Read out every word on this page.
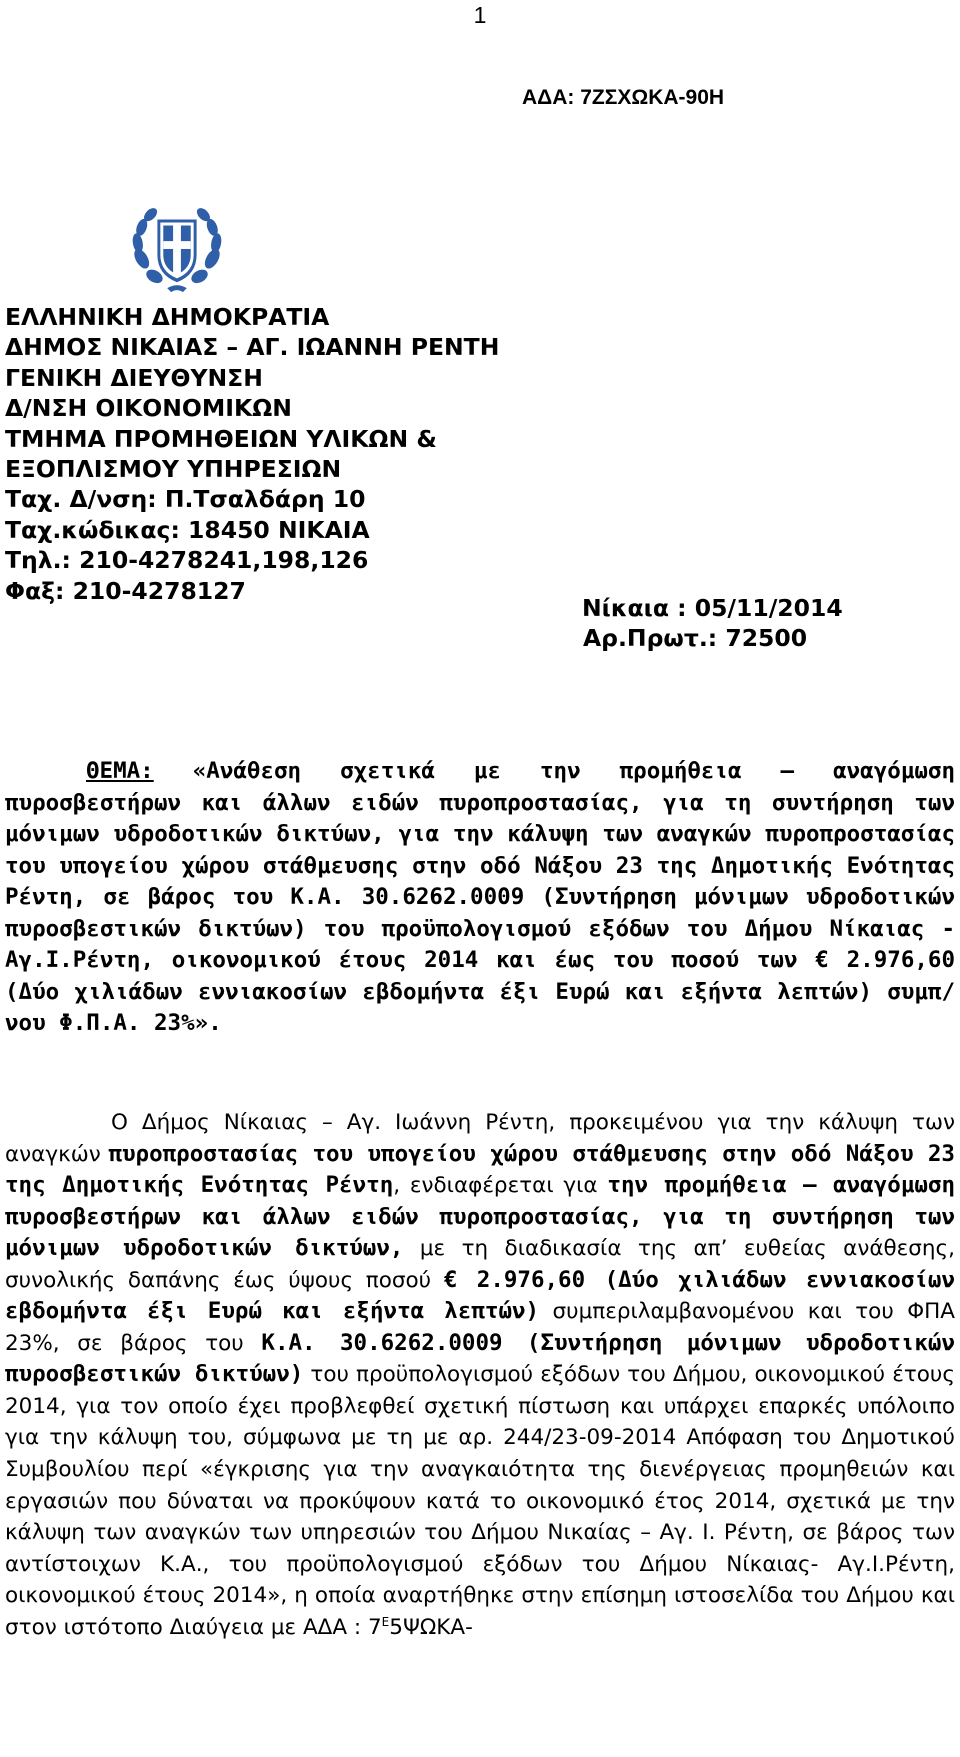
1
ΑΔΑ: 7ΖΣΧΩΚΑ-90Η
ΕΛΛΗΝΙΚΗ ΔΗΜΟΚΡΑΤΙΑ
ΔΗΜΟΣ ΝΙΚΑΙΑΣ – ΑΓ. ΙΩΑΝΝΗ ΡΕΝΤΗ
ΓΕΝΙΚΗ ΔΙΕΥΘΥΝΣΗ
Δ/ΝΣΗ ΟΙΚΟΝΟΜΙΚΩΝ
ΤΜΗΜΑ ΠΡΟΜΗΘΕΙΩΝ ΥΛΙΚΩΝ &
ΕΞΟΠΛΙΣΜΟΥ ΥΠΗΡΕΣΙΩΝ
Ταχ. Δ/νση: Π.Τσαλδάρη 10
Ταχ.κώδικας: 18450 ΝΙΚΑΙΑ
Τηλ.: 210-4278241,198,126
Φαξ: 210-4278127
Νίκαια : 05/11/2014
Αρ.Πρωτ.: 72500
ΘΕΜΑ: «Ανάθεση σχετικά με την προμήθεια – αναγόμωση πυροσβεστήρων και άλλων ειδών πυροπροστασίας, για τη συντήρηση των μόνιμων υδροδοτικών δικτύων, για την κάλυψη των αναγκών πυροπροστασίας του υπογείου χώρου στάθμευσης στην οδό Νάξου 23 της Δημοτικής Ενότητας Ρέντη, σε βάρος του Κ.Α. 30.6262.0009 (Συντήρηση μόνιμων υδροδοτικών πυροσβεστικών δικτύων) του προϋπολογισμού εξόδων του Δήμου Νίκαιας - Αγ.Ι.Ρέντη, οικονομικού έτους 2014 και έως του ποσού των € 2.976,60 (Δύο χιλιάδων εννιακοσίων εβδομήντα έξι Ευρώ και εξήντα λεπτών) συμπ/νου Φ.Π.Α. 23%».
Ο Δήμος Νίκαιας – Αγ. Ιωάννη Ρέντη, προκειμένου για την κάλυψη των αναγκών πυροπροστασίας του υπογείου χώρου στάθμευσης στην οδό Νάξου 23 της Δημοτικής Ενότητας Ρέντη, ενδιαφέρεται για την προμήθεια – αναγόμωση πυροσβεστήρων και άλλων ειδών πυροπροστασίας, για τη συντήρηση των μόνιμων υδροδοτικών δικτύων, με τη διαδικασία της απ’ ευθείας ανάθεσης, συνολικής δαπάνης έως ύψους ποσού € 2.976,60 (Δύο χιλιάδων εννιακοσίων εβδομήντα έξι Ευρώ και εξήντα λεπτών) συμπεριλαμβανομένου και του ΦΠΑ 23%, σε βάρος του Κ.Α. 30.6262.0009 (Συντήρηση μόνιμων υδροδοτικών πυροσβεστικών δικτύων) του προϋπολογισμού εξόδων του Δήμου, οικονομικού έτους 2014, για τον οποίο έχει προβλεφθεί σχετική πίστωση και υπάρχει επαρκές υπόλοιπο για την κάλυψη του, σύμφωνα με τη με αρ. 244/23-09-2014 Απόφαση του Δημοτικού Συμβουλίου περί «έγκρισης για την αναγκαιότητα της διενέργειας προμηθειών και εργασιών που δύναται να προκύψουν κατά το οικονομικό έτος 2014, σχετικά με την κάλυψη των αναγκών των υπηρεσιών του Δήμου Νικαίας – Αγ. Ι. Ρέντη, σε βάρος των αντίστοιχων Κ.Α., του προϋπολογισμού εξόδων του Δήμου Νίκαιας- Αγ.Ι.Ρέντη, οικονομικού έτους 2014», η οποία αναρτήθηκε στην επίσημη ιστοσελίδα του Δήμου και στον ιστότοπο Διαύγεια με ΑΔΑ : $7^E5\Psi\Omega KA-$
